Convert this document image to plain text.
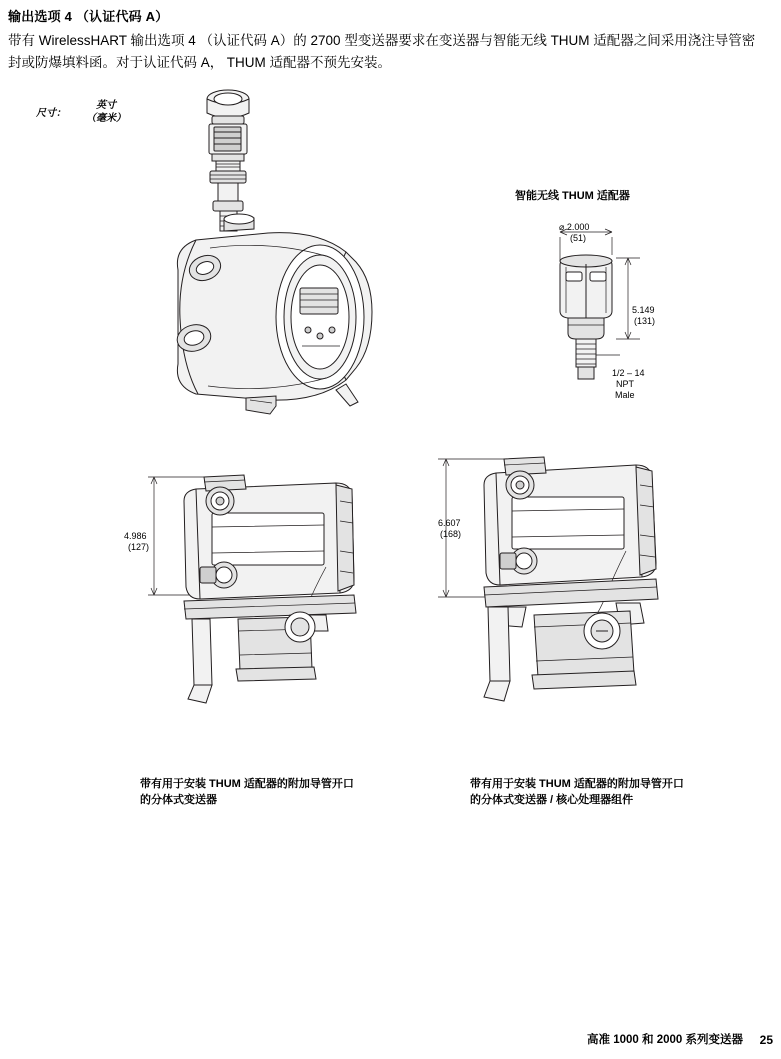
输出选项 4 （认证代码 A）
带有 WirelessHART 输出选项 4 （认证代码 A）的 2700 型变送器要求在变送器与智能无线 THUM 适配器之间采用浇注导管密封或防爆填料函。对于认证代码 A， THUM 适配器不预先安装。
尺寸：
英寸
（毫米）
智能无线 THUM 适配器
⌀ 2.000
(51)
5.149
(131)
1/2 – 14
NPT
Male
4.986
(127)
带有用于安装 THUM 适配器的附加导管开口
的分体式变送器
6.607
(168)
带有用于安装 THUM 适配器的附加导管开口
的分体式变送器 / 核心处理器组件
高准 1000 和 2000 系列变送器 25
